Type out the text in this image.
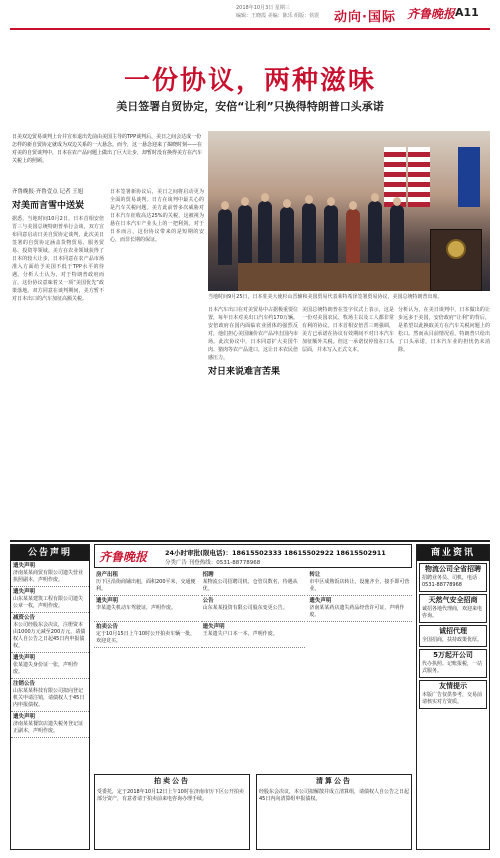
2018年10月3日 星期三
编辑：王晓霞 美编：陈乐 组版：侯震	动向·国际 齐鲁晚报 A11
一份协议，两种滋味
美日签署自贸协定，安倍“让利”只换得特朗普口头承诺
日美双边贸易谈判上台并宣布退出先前由美国主导的TPP谈判后，美日之间会达成一份怎样的新自贸协定就成为双边关系的一大悬念。而今，这一悬念迎来了揭晓时刻——在对美的自贸谈判中，日本在农产品问题上做出了巨大让步，却暂时没有换得美方在汽车关税上的照顾。
当地时间9月25日，日本驻美大使杉山晋辅和美国贸易代表莱特希泽签署贸易协议，美国总统特朗普出席。
齐鲁晚报·齐鲁壹点 记者 王旭
对美而言雪中送炭
据悉，当地时间10月2日，日本首相安倍晋三与美国总统特朗普举行会谈，双方宣布同意启动日美自贸协定谈判，此次美日签署的自贸协定涵盖货物贸易、服务贸易、投资等领域。美方在农业领域获得了日本的较大让步，日本同意在农产品市场准入方面给予美国不低于TPP水平的待遇。分析人士认为，对于特朗普政府而言，这份协议意味着又一项“美国优先”政策落地。双方同意在谈判期间，美方暂不对日本出口的汽车加征高额关税。
日本签署新协议后，美日之间将启动更为全面的贸易谈判。日方在谈判中最关心的是汽车关税问题。美方此前曾多次威胁对日本汽车征收高达25%的关税，这被视为悬在日本汽车产业头上的一把利剑。对于日本而言，这份协议带来的是短期的安心，而非长期的保证。
日本汽车出口在对美贸易中占据极重要位置，每年日本对美出口汽车约170万辆。安倍政府在国内面临农业团体的强烈反对，他们担心美国廉价农产品冲击国内市场。此次协议中，日本同意扩大美国牛肉、猪肉等农产品进口，这让日本农民倍感压力。
对日来说难言苦果
美国总统特朗普在签字仪式上表示，这是一份对美国农民、牧场主以及工人都非常有利的协议。日本首相安倍晋三则强调，美方已承诺在协议有效期间不对日本汽车加征额外关税。但这一承诺仅停留在口头层面，并未写入正式文本。
分析认为，在美日谈判中，日本做出的让步远多于美国，安倍政府“让利”的背后，是希望以此换取美方在汽车关税问题上的松口。然而从目前情况看，特朗普只给出了口头承诺，日本汽车业的担忧仍未消除。
公告声明
遗失声明
济南某某商贸有限公司遗失营业执照副本，声明作废。
遗失声明
山东某某建筑工程有限公司遗失公章一枚，声明作废。
减资公告
本公司经股东会决议，注册资本由1000万元减至200万元，请债权人自公告之日起45日内申报债权。
遗失声明
张某遗失身份证一张，声明作废。
注销公告
山东某某科技有限公司拟向登记机关申请注销，请债权人于45日内申报债权。
遗失声明
济南某某餐饮店遗失税务登记证正副本，声明作废。
齐鲁晚报	24小时审批(限电话)：18615502333 18615502922 18615502911
分类广告 刊登热线：0531-88778968
房产出租
历下区沿街商铺出租，面积200平米，交通便利。
招聘
某物流公司招聘司机、仓管员数名，待遇从优。
转让
市中区成熟饭店转让，设施齐全，接手即可营业。
遗失声明
李某遗失机动车驾驶证，声明作废。
公告
山东某某投资有限公司股东变更公告。
遗失声明
济南某某药店遗失药品经营许可证，声明作废。
拍卖公告
定于10月15日上午10时公开拍卖车辆一批，欢迎竞买。
遗失声明
王某遗失户口本一本，声明作废。
拍卖公告
受委托，定于2018年10月12日上午10时在济南市历下区公开拍卖部分资产，有意者请于拍卖前来电咨询办理手续。
清算公告
经股东会决议，本公司拟解散并成立清算组，请债权人自公告之日起45日内向清算组申报债权。
商业资讯
物流公司全省招聘
招聘业务员、司机，电话0531-88778968
天然气安全招商
诚招各地代理商，欢迎来电咨询。
诚招代理
全国招商，扶持政策优厚。
5万起开公司
代办执照、记账报税，一站式服务。
友情提示
本版广告仅供参考，交易前请核实对方资质。
